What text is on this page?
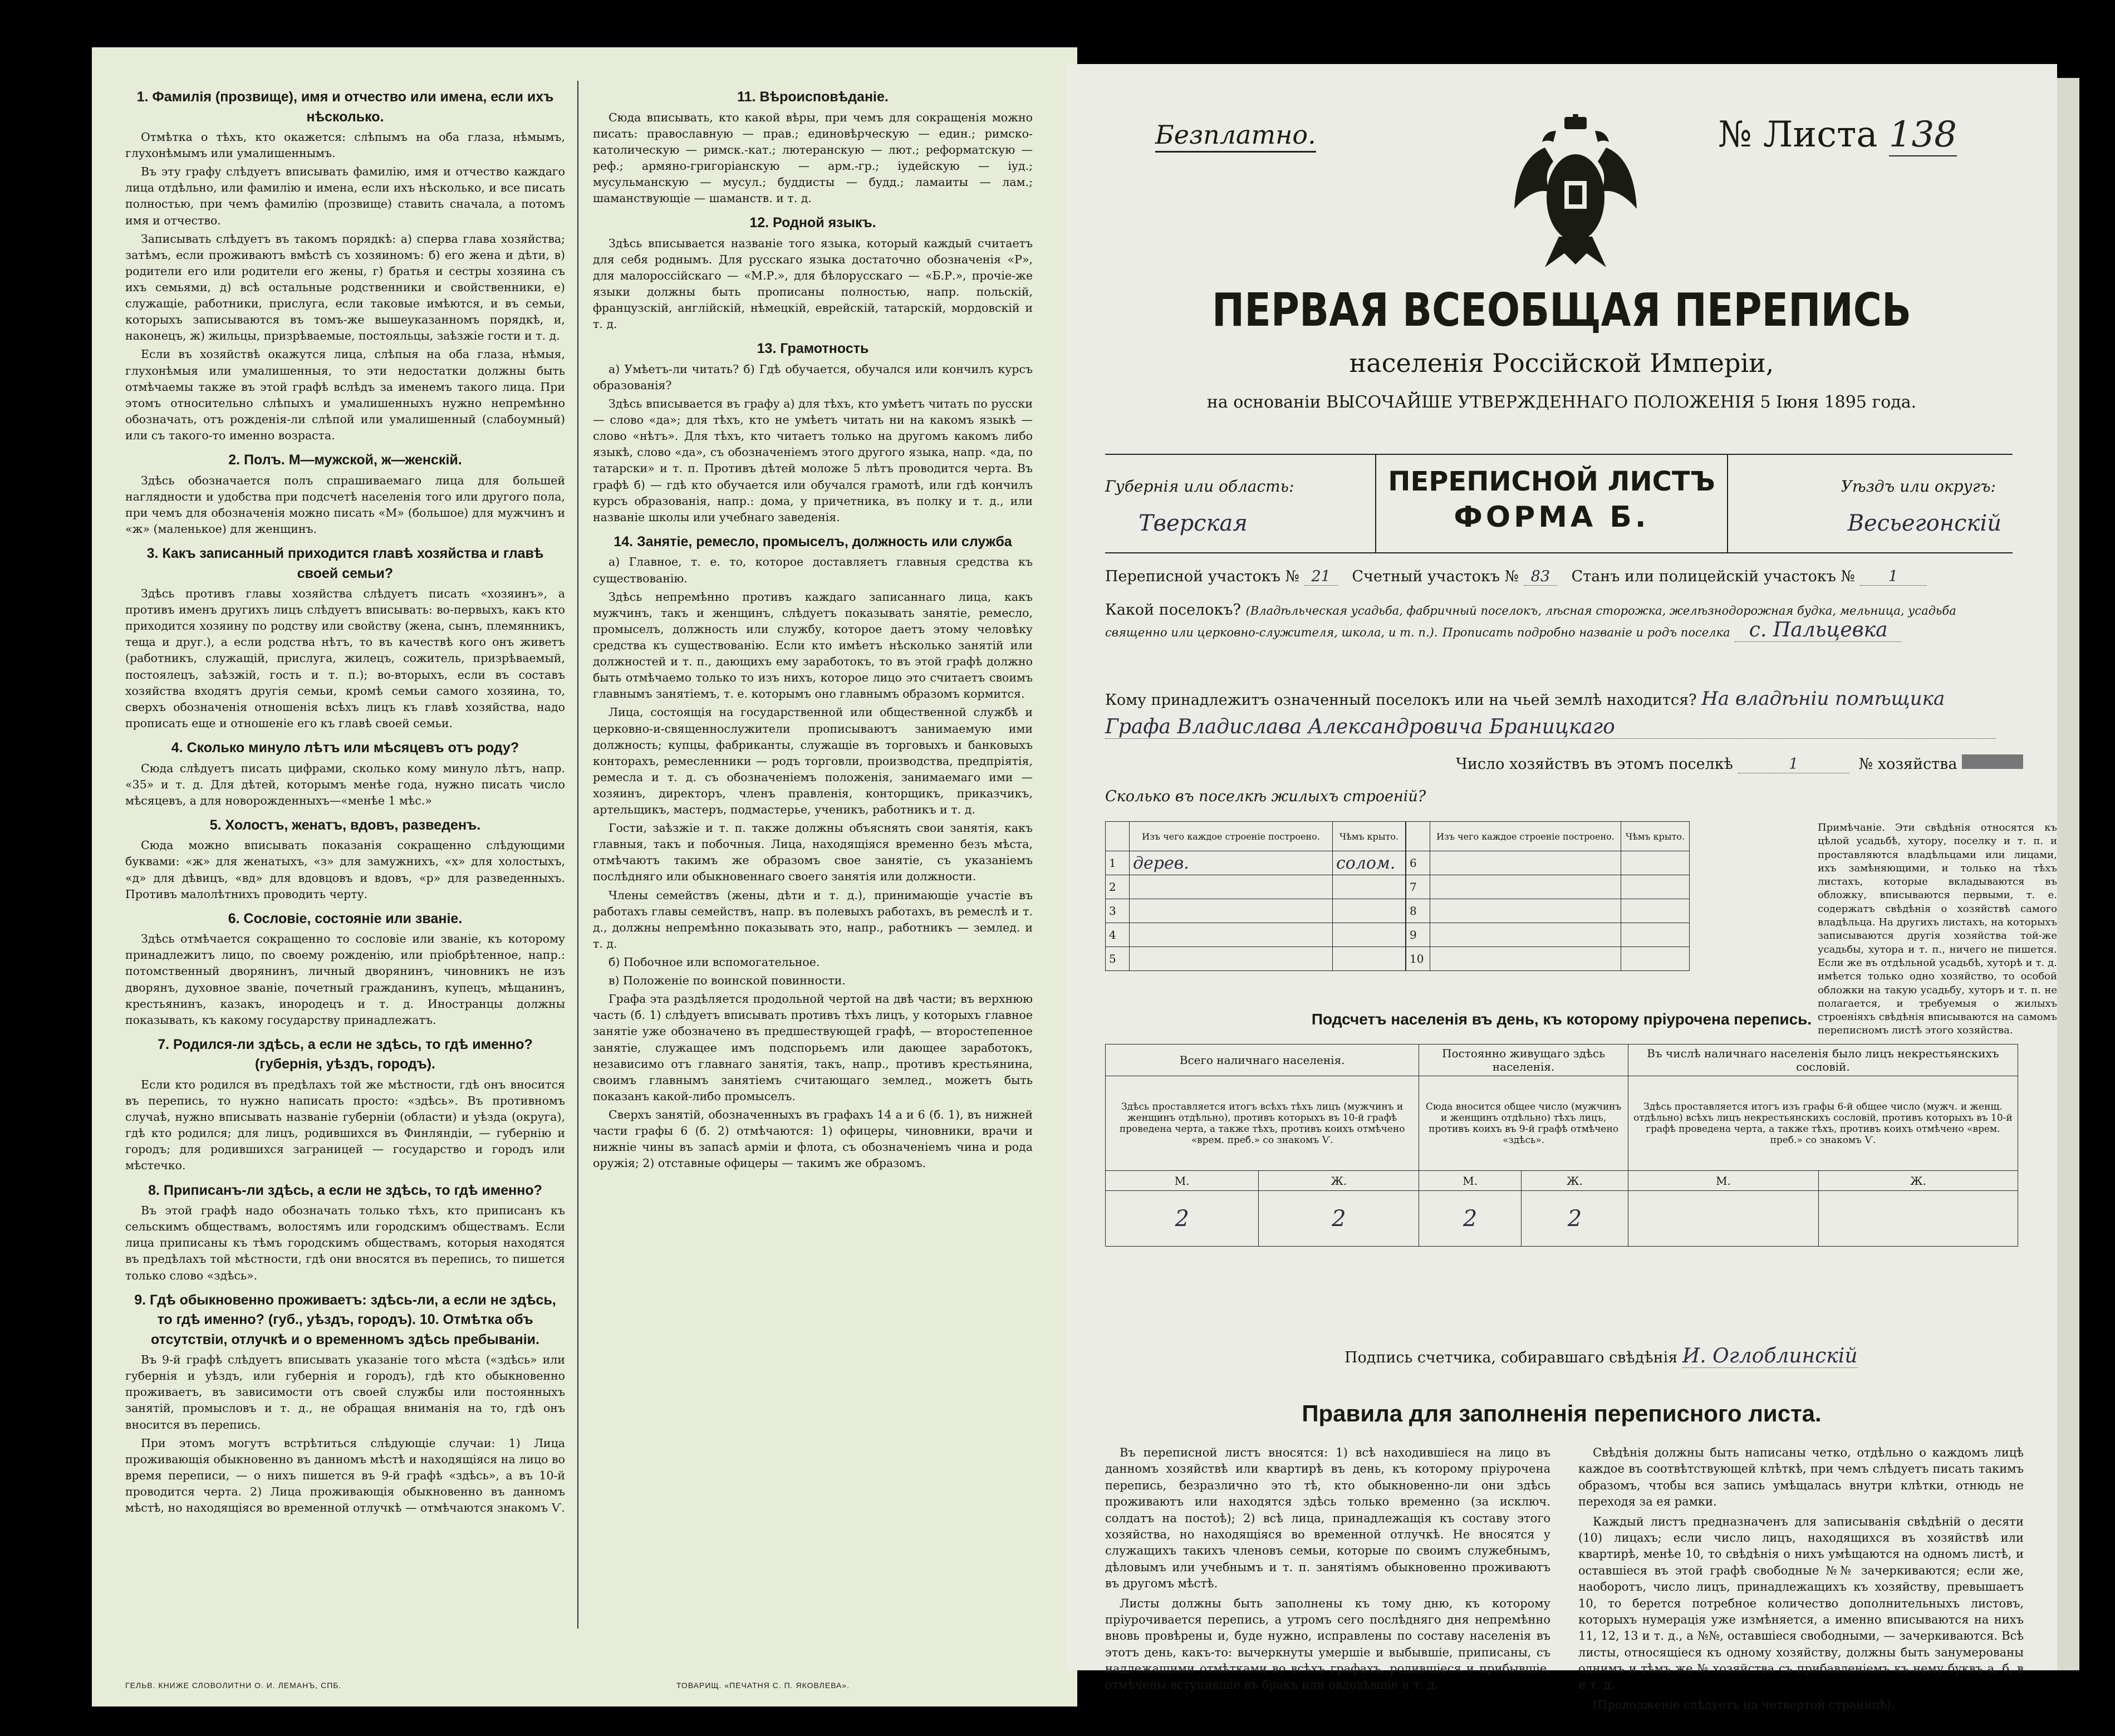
1. Фамилія (прозвище), имя и отчество или имена, если ихъ нѣсколько.

Отмѣтка о тѣхъ, кто окажется: слѣпымъ на оба глаза, нѣмымъ, глухонѣмымъ или умалишеннымъ.

Въ эту графу слѣдуетъ вписывать фамилію, имя и отчество каждаго лица отдѣльно, или фамилію и имена, если ихъ нѣсколько, и все писать полностью, при чемъ фамилію (прозвище) ставить сначала, а потомъ имя и отчество.

Записывать слѣдуетъ въ такомъ порядкѣ: а) сперва глава хозяйства; затѣмъ, если проживаютъ вмѣстѣ съ хозяиномъ: б) его жена и дѣти, в) родители его или родители его жены, г) братья и сестры хозяина съ ихъ семьями, д) всѣ остальные родственники и свойственники, е) служащіе, работники, прислуга, если таковые имѣются, и въ семьи, которыхъ записываются въ томъ-же вышеуказанномъ порядкѣ, и, наконецъ, ж) жильцы, призрѣваемые, постояльцы, заѣзжіе гости и т. д.

Если въ хозяйствѣ окажутся лица, слѣпыя на оба глаза, нѣмыя, глухонѣмыя или умалишенныя, то эти недостатки должны быть отмѣчаемы также въ этой графѣ вслѣдъ за именемъ такого лица. При этомъ относительно слѣпыхъ и умалишенныхъ нужно непремѣнно обозначать, отъ рожденія-ли слѣпой или умалишенный (слабоумный) или съ такого-то именно возраста.

2. Полъ. М—мужской, ж—женскій.

Здѣсь обозначается полъ спрашиваемаго лица для большей наглядности и удобства при подсчетѣ населенія того или другого пола, при чемъ для обозначенія можно писать «М» (большое) для мужчинъ и «ж» (маленькое) для женщинъ.

3. Какъ записанный приходится главѣ хозяйства и главѣ своей семьи?

Здѣсь противъ главы хозяйства слѣдуетъ писать «хозяинъ», а противъ именъ другихъ лицъ слѣдуетъ вписывать: во-первыхъ, какъ кто приходится хозяину по родству или свойству (жена, сынъ, племянникъ, теща и друг.), а если родства нѣтъ, то въ качествѣ кого онъ живетъ (работникъ, служащій, прислуга, жилецъ, сожитель, призрѣваемый, постоялецъ, заѣзжій, гость и т. п.); во-вторыхъ, если въ составъ хозяйства входятъ другія семьи, кромѣ семьи самого хозяина, то, сверхъ обозначенія отношенія всѣхъ лицъ къ главѣ хозяйства, надо прописать еще и отношеніе его къ главѣ своей семьи.

4. Сколько минуло лѣтъ или мѣсяцевъ отъ роду?

Сюда слѣдуетъ писать цифрами, сколько кому минуло лѣтъ, напр. «35» и т. д. Для дѣтей, которымъ менѣе года, нужно писать число мѣсяцевъ, а для новорожденныхъ—«менѣе 1 мѣс.»

5. Холостъ, женатъ, вдовъ, разведенъ.

Сюда можно вписывать показанія сокращенно слѣдующими буквами: «ж» для женатыхъ, «з» для замужнихъ, «х» для холостыхъ, «д» для дѣвицъ, «вд» для вдовцовъ и вдовъ, «р» для разведенныхъ. Противъ малолѣтнихъ проводить черту.

6. Сословіе, состояніе или званіе.

Здѣсь отмѣчается сокращенно то сословіе или званіе, къ которому принадлежитъ лицо, по своему рожденію, или пріобрѣтенное, напр.: потомственный дворянинъ, личный дворянинъ, чиновникъ не изъ дворянъ, духовное званіе, почетный гражданинъ, купецъ, мѣщанинъ, крестьянинъ, казакъ, инородецъ и т. д. Иностранцы должны показывать, къ какому государству принадлежатъ.

7. Родился-ли здѣсь, а если не здѣсь, то гдѣ именно? (губернія, уѣздъ, городъ).

Если кто родился въ предѣлахъ той же мѣстности, гдѣ онъ вносится въ перепись, то нужно написать просто: «здѣсь». Въ противномъ случаѣ, нужно вписывать названіе губерніи (области) и уѣзда (округа), гдѣ кто родился; для лицъ, родившихся въ Финляндіи, — губернію и городъ; для родившихся заграницей — государство и городъ или мѣстечко.

8. Приписанъ-ли здѣсь, а если не здѣсь, то гдѣ именно?

Въ этой графѣ надо обозначать только тѣхъ, кто приписанъ къ сельскимъ обществамъ, волостямъ или городскимъ обществамъ. Если лица приписаны къ тѣмъ городскимъ обществамъ, которыя находятся въ предѣлахъ той мѣстности, гдѣ они вносятся въ перепись, то пишется только слово «здѣсь».

9. Гдѣ обыкновенно проживаетъ: здѣсь-ли, а если не здѣсь, то гдѣ именно? (губ., уѣздъ, городъ). 10. Отмѣтка объ отсутствіи, отлучкѣ и о временномъ здѣсь пребываніи.

Въ 9-й графѣ слѣдуетъ вписывать указаніе того мѣста («здѣсь» или губернія и уѣздъ, или губернія и городъ), гдѣ кто обыкновенно проживаетъ, въ зависимости отъ своей службы или постоянныхъ занятій, промысловъ и т. д., не обращая вниманія на то, гдѣ онъ вносится въ перепись.

При этомъ могутъ встрѣтиться слѣдующіе случаи: 1) Лица проживающія обыкновенно въ данномъ мѣстѣ и находящіяся на лицо во время переписи, — о нихъ пишется въ 9-й графѣ «здѣсь», а въ 10-й проводится черта. 2) Лица проживающія обыкновенно въ данномъ мѣстѣ, но находящіяся во временной отлучкѣ — отмѣчаются знакомъ Ѵ.

11. Вѣроисповѣданіе.

Сюда вписывать, кто какой вѣры, при чемъ для сокращенія можно писать: православную — прав.; единовѣрческую — един.; римско-католическую — римск.-кат.; лютеранскую — лют.; реформатскую — реф.; армяно-григоріанскую — арм.-гр.; іудейскую — іуд.; мусульманскую — мусул.; буддисты — будд.; ламаиты — лам.; шаманствующіе — шаманств. и т. д.

12. Родной языкъ.

Здѣсь вписывается названіе того языка, который каждый считаетъ для себя роднымъ. Для русскаго языка достаточно обозначенія «Р», для малороссійскаго — «М.Р.», для бѣлорусскаго — «Б.Р.», прочіе-же языки должны быть прописаны полностью, напр. польскій, французскій, англійскій, нѣмецкій, еврейскій, татарскій, мордовскій и т. д.

13. Грамотность

а) Умѣетъ-ли читать? б) Гдѣ обучается, обучался или кончилъ курсъ образованія?

Здѣсь вписывается въ графу а) для тѣхъ, кто умѣетъ читать по русски — слово «да»; для тѣхъ, кто не умѣетъ читать ни на какомъ языкѣ — слово «нѣтъ». Для тѣхъ, кто читаетъ только на другомъ какомъ либо языкѣ, слово «да», съ обозначеніемъ этого другого языка, напр. «да, по татарски» и т. п. Противъ дѣтей моложе 5 лѣтъ проводится черта. Въ графѣ б) — гдѣ кто обучается или обучался грамотѣ, или гдѣ кончилъ курсъ образованія, напр.: дома, у причетника, въ полку и т. д., или названіе школы или учебнаго заведенія.

14. Занятіе, ремесло, промыселъ, должность или служба

а) Главное, т. е. то, которое доставляетъ главныя средства къ существованію.

Здѣсь непремѣнно противъ каждаго записаннаго лица, какъ мужчинъ, такъ и женщинъ, слѣдуетъ показывать занятіе, ремесло, промыселъ, должность или службу, которое даетъ этому человѣку средства къ существованію. Если кто имѣетъ нѣсколько занятій или должностей и т. п., дающихъ ему заработокъ, то въ этой графѣ должно быть отмѣчаемо только то изъ нихъ, которое лицо это считаетъ своимъ главнымъ занятіемъ, т. е. которымъ оно главнымъ образомъ кормится.

Лица, состоящія на государственной или общественной службѣ и церковно-и-священнослужители прописываютъ занимаемую ими должность; купцы, фабриканты, служащіе въ торговыхъ и банковыхъ конторахъ, ремесленники — родъ торговли, производства, предпріятія, ремесла и т. д. съ обозначеніемъ положенія, занимаемаго ими — хозяинъ, директоръ, членъ правленія, конторщикъ, приказчикъ, артельщикъ, мастеръ, подмастерье, ученикъ, работникъ и т. д.

Гости, заѣзжіе и т. п. также должны объяснять свои занятія, какъ главныя, такъ и побочныя. Лица, находящіяся временно безъ мѣста, отмѣчаютъ такимъ же образомъ свое занятіе, съ указаніемъ послѣдняго или обыкновеннаго своего занятія или должности.

Члены семействъ (жены, дѣти и т. д.), принимающіе участіе въ работахъ главы семействъ, напр. въ полевыхъ работахъ, въ ремеслѣ и т. д., должны непремѣнно показывать это, напр., работникъ — землед. и т. д.

б) Побочное или вспомогательное.

в) Положеніе по воинской повинности.

Графа эта раздѣляется продольной чертой на двѣ части; въ верхнюю часть (б. 1) слѣдуетъ вписывать противъ тѣхъ лицъ, у которыхъ главное занятіе уже обозначено въ предшествующей графѣ, — второстепенное занятіе, служащее имъ подспорьемъ или дающее заработокъ, независимо отъ главнаго занятія, такъ, напр., противъ крестьянина, своимъ главнымъ занятіемъ считающаго землед., можетъ быть показанъ какой-либо промыселъ.

Сверхъ занятій, обозначенныхъ въ графахъ 14 а и 6 (б. 1), въ нижней части графы 6 (б. 2) отмѣчаются: 1) офицеры, чиновники, врачи и нижніе чины въ запасѣ арміи и флота, съ обозначеніемъ чина и рода оружія; 2) отставные офицеры — такимъ же образомъ.

ГЕЛЬВ. КНИЖЕ СЛОВОЛИТНИ О. И. ЛЕМАНЪ, СПБ.	ТОВАРИЩ. «ПЕЧАТНЯ С. П. ЯКОВЛЕВА».
Безплатно.	№ Листа 138
ПЕРВАЯ ВСЕОБЩАЯ ПЕРЕПИСЬ
населенія Россійской Имперіи,
на основаніи ВЫСОЧАЙШЕ УТВЕРЖДЕННАГО ПОЛОЖЕНІЯ 5 Іюня 1895 года.
Губернія или область:
Тверская
ПЕРЕПИСНОЙ ЛИСТЪ
ФОРМА Б.
Уѣздъ или округъ:
Весьегонскій
Переписной участокъ № 21 Счетный участокъ № 83 Станъ или полицейскій участокъ № 1
Какой поселокъ? (Владѣльческая усадьба, фабричный поселокъ, лѣсная сторожка, желѣзнодорожная будка, мельница, усадьба священно или церковно-служителя, школа, и т. п.). Прописать подробно названіе и родъ поселка с. Пальцевка
Кому принадлежитъ означенный поселокъ или на чьей землѣ находится? На владѣніи помѣщика
Графа Владислава Александровича Браницкаго
Число хозяйствъ въ этомъ поселкѣ	1	№ хозяйства
Сколько въ поселкѣ жилыхъ строеній?
	Изъ чего каждое строеніе построено.	Чѣмъ крыто.
1	дерев.	солом.
2		
3		
4		
5		
	Изъ чего каждое строеніе построено.	Чѣмъ крыто.
6		
7		
8		
9		
10		
Примѣчаніе. Эти свѣдѣнія относятся къ цѣлой усадьбѣ, хутору, поселку и т. п. и проставляются владѣльцами или лицами, ихъ замѣняющими, и только на тѣхъ листахъ, которые вкладываются въ обложку, вписываются первыми, т. е. содержатъ свѣдѣнія о хозяйствѣ самого владѣльца. На другихъ листахъ, на которыхъ записываются другія хозяйства той-же усадьбы, хутора и т. п., ничего не пишется. Если же въ отдѣльной усадьбѣ, хуторѣ и т. д. имѣется только одно хозяйство, то особой обложки на такую усадьбу, хуторъ и т. п. не полагается, и требуемыя о жилыхъ строеніяхъ свѣдѣнія вписываются на самомъ переписномъ листѣ этого хозяйства.
Подсчетъ населенія въ день, къ которому пріурочена перепись.
Всего наличнаго населенія.		Постоянно живущаго здѣсь населенія.		Въ числѣ наличнаго населенія было лицъ некрестьянскихъ сословій.	
Здѣсь проставляется итогъ всѣхъ тѣхъ лицъ (мужчинъ и женщинъ отдѣльно), противъ которыхъ въ 10-й графѣ проведена черта, а также тѣхъ, противъ коихъ отмѣчено «врем. преб.» со знакомъ Ѵ.		Сюда вносится общее число (мужчинъ и женщинъ отдѣльно) тѣхъ лицъ, противъ коихъ въ 9-й графѣ отмѣчено «здѣсь».		Здѣсь проставляется итогъ изъ графы 6-й общее число (мужч. и женщ. отдѣльно) всѣхъ лицъ некрестьянскихъ сословій, противъ которыхъ въ 10-й графѣ проведена черта, а также тѣхъ, противъ коихъ отмѣчено «врем. преб.» со знакомъ Ѵ.	
М.	Ж.	М.	Ж.	М.	Ж.
2	2	2	2		
Подпись счетчика, собиравшаго свѣдѣнія И. Оглоблинскій
Правила для заполненія переписного листа.

Въ переписной листъ вносятся: 1) всѣ находившіеся на лицо въ данномъ хозяйствѣ или квартирѣ въ день, къ которому пріурочена перепись, безразлично это тѣ, кто обыкновенно-ли они здѣсь проживаютъ или находятся здѣсь только временно (за исключ. солдатъ на постоѣ); 2) всѣ лица, принадлежащія къ составу этого хозяйства, но находящіяся во временной отлучкѣ. Не вносятся у служащихъ такихъ членовъ семьи, которые по своимъ служебнымъ, дѣловымъ или учебнымъ и т. п. занятіямъ обыкновенно проживаютъ въ другомъ мѣстѣ.

Листы должны быть заполнены къ тому дню, къ которому пріурочивается перепись, а утромъ сего послѣдняго дня непремѣнно вновь провѣрены и, буде нужно, исправлены по составу населенія въ этотъ день, какъ-то: вычеркнуты умершіе и выбывшіе, приписаны, съ надлежащими отмѣтками во всѣхъ графахъ, родившіеся и прибывшіе, отмѣчены вступившіе въ бракъ или овдовѣвшіе и т. д.

Свѣдѣнія должны быть написаны четко, отдѣльно о каждомъ лицѣ каждое въ соотвѣтствующей клѣткѣ, при чемъ слѣдуетъ писать такимъ образомъ, чтобы вся запись умѣщалась внутри клѣтки, отнюдь не переходя за ея рамки.

Каждый листъ предназначенъ для записыванія свѣдѣній о десяти (10) лицахъ; если число лицъ, находящихся въ хозяйствѣ или квартирѣ, менѣе 10, то свѣдѣнія о нихъ умѣщаются на одномъ листѣ, и оставшіеся въ этой графѣ свободные №№ зачеркиваются; если же, наоборотъ, число лицъ, принадлежащихъ къ хозяйству, превышаетъ 10, то берется потребное количество дополнительныхъ листовъ, которыхъ нумерація уже измѣняется, а именно вписываются на нихъ 11, 12, 13 и т. д., а №№, оставшіеся свободными, — зачеркиваются. Всѣ листы, относящіеся къ одному хозяйству, должны быть занумерованы однимъ и тѣмъ же № хозяйства съ прибавленіемъ къ нему буквъ а, б, в и т. д.

(Продолженіе слѣдуетъ на четвертой страницѣ).
